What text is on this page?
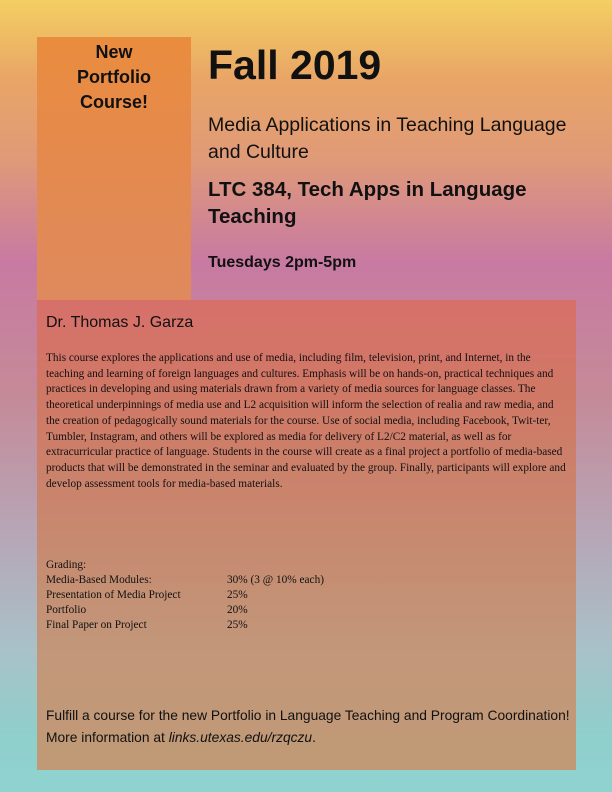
New
Portfolio
Course!
Fall 2019
Media Applications in Teaching Language and Culture
LTC 384, Tech Apps in Language Teaching

Tuesdays 2pm-5pm

Dr. Thomas J. Garza

This course explores the applications and use of media, including film, television, print, and Internet, in the teaching and learning of foreign languages and cultures. Emphasis will be on hands-on, practical techniques and practices in developing and using materials drawn from a variety of media sources for language classes. The theoretical underpinnings of media use and L2 acquisition will inform the selection of realia and raw media, and the creation of pedagogically sound materials for the course. Use of social media, including Facebook, Twit-ter, Tumbler, Instagram, and others will be explored as media for delivery of L2/C2 material, as well as for extracurricular practice of language. Students in the course will create as a final project a portfolio of media-based products that will be demonstrated in the seminar and evaluated by the group. Finally, participants will explore and develop assessment tools for media-based materials.

Grading:
Media-Based Modules:	30% (3 @ 10% each)
Presentation of Media Project	25%
Portfolio	20%
Final Paper on Project	25%

Fulfill a course for the new Portfolio in Language Teaching and Program Coordination! More information at links.utexas.edu/rzqczu.
